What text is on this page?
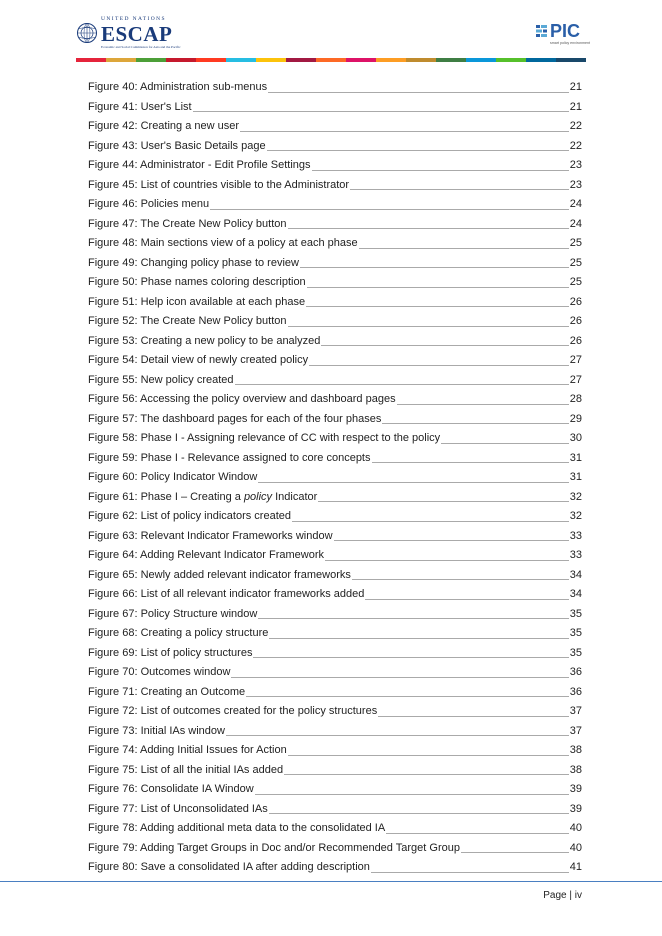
UNITED NATIONS
ESCAP
Economic and Social Commission for Asia and the Pacific
PIC
smart policy environment
Figure 40: Administration sub-menus	21
Figure 41: User's List	21
Figure 42: Creating a new user	22
Figure 43: User's Basic Details page	22
Figure 44: Administrator - Edit Profile Settings	23
Figure 45: List of countries visible to the Administrator	23
Figure 46: Policies menu	24
Figure 47: The Create New Policy button	24
Figure 48: Main sections view of a policy at each phase	25
Figure 49: Changing policy phase to review	25
Figure 50: Phase names coloring description	25
Figure 51: Help icon available at each phase	26
Figure 52: The Create New Policy button	26
Figure 53: Creating a new policy to be analyzed	26
Figure 54: Detail view of newly created policy	27
Figure 55: New policy created	27
Figure 56: Accessing the policy overview and dashboard pages	28
Figure 57: The dashboard pages for each of the four phases	29
Figure 58: Phase I - Assigning relevance of CC with respect to the policy	30
Figure 59: Phase I - Relevance assigned to core concepts	31
Figure 60: Policy Indicator Window	31
Figure 61: Phase I – Creating a policy Indicator	32
Figure 62: List of policy indicators created	32
Figure 63: Relevant Indicator Frameworks window	33
Figure 64: Adding Relevant Indicator Framework	33
Figure 65: Newly added relevant indicator frameworks	34
Figure 66: List of all relevant indicator frameworks added	34
Figure 67: Policy Structure window	35
Figure 68: Creating a policy structure	35
Figure 69: List of policy structures	35
Figure 70: Outcomes window	36
Figure 71: Creating an Outcome	36
Figure 72: List of outcomes created for the policy structures	37
Figure 73: Initial IAs window	37
Figure 74: Adding Initial Issues for Action	38
Figure 75: List of all the initial IAs added	38
Figure 76: Consolidate IA Window	39
Figure 77: List of Unconsolidated IAs	39
Figure 78: Adding additional meta data to the consolidated IA	40
Figure 79: Adding Target Groups in Doc and/or Recommended Target Group	40
Figure 80: Save a consolidated IA after adding description	41
Page | iv
